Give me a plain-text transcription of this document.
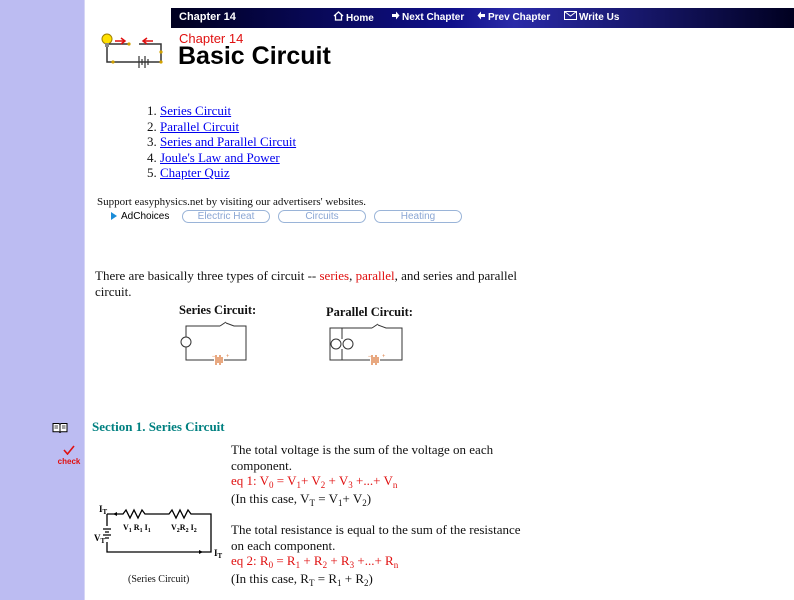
Chapter 14	Home	Next Chapter	Prev Chapter	Write Us
Chapter 14
Basic Circuit
1. Series Circuit
2. Parallel Circuit
3. Series and Parallel Circuit
4. Joule's Law and Power
5. Chapter Quiz
Support easyphysics.net by visiting our advertisers' websites.
AdChoices	Electric Heat	Circuits	Heating
There are basically three types of circuit -- series, parallel, and series and parallel circuit.
Series Circuit:
− +
Parallel Circuit:
− +
check
Section 1. Series Circuit
The total voltage is the sum of the voltage on each component.
eq 1: $V_0 = V_1+ V_2 + V_3$ +...+ $V_n$
(In this case, $V_T = V_1+ V_2$)
The total resistance is equal to the sum of the resistance on each component.
eq 2: $R_0 = R_1 + R_2 + R_3$ +...+ $R_n$
(In this case, $R_T = R_1 + R_2$)
$I_T$
$V_T$
$V_1$ $R_1$ $I_1$	$V_2R_2$ $I_2$
$I_T$
(Series Circuit)
